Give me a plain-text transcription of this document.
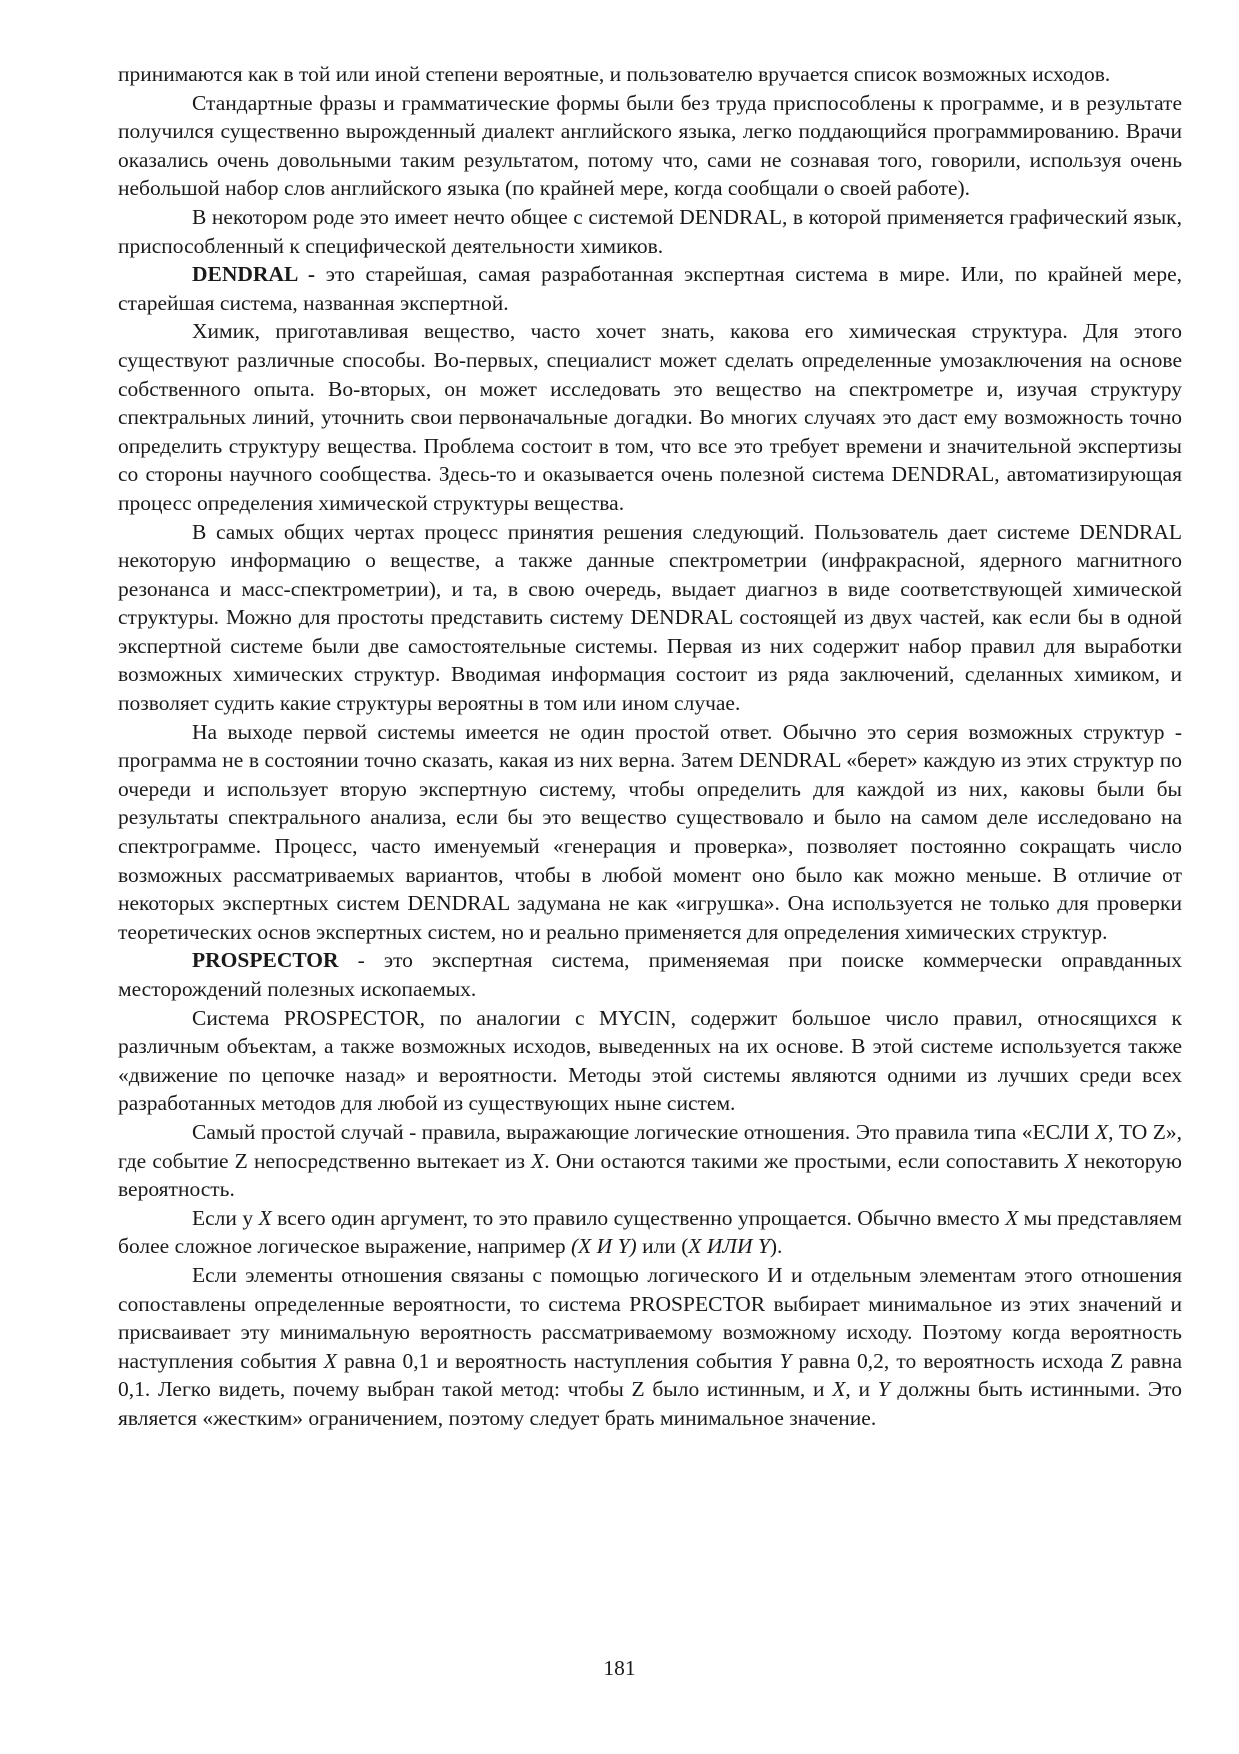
принимаются как в той или иной степени вероятные, и пользователю вручается список возможных исходов.

Стандартные фразы и грамматические формы были без труда приспособлены к программе, и в результате получился существенно вырожденный диалект английского языка, легко поддающийся программированию. Врачи оказались очень довольными таким результатом, потому что, сами не сознавая того, говорили, используя очень небольшой набор слов английского языка (по крайней мере, когда сообщали о своей работе).

В некотором роде это имеет нечто общее с системой DENDRAL, в которой применяется графический язык, приспособленный к специфической деятельности химиков.

DENDRAL - это старейшая, самая разработанная экспертная система в мире. Или, по крайней мере, старейшая система, названная экспертной.

Химик, приготавливая вещество, часто хочет знать, какова его химическая структура. Для этого существуют различные способы. Во-первых, специалист может сделать определенные умозаключения на основе собственного опыта. Во-вторых, он может исследовать это вещество на спектрометре и, изучая структуру спектральных линий, уточнить свои первоначальные догадки. Во многих случаях это даст ему возможность точно определить структуру вещества. Проблема состоит в том, что все это требует времени и значительной экспертизы со стороны научного сообщества. Здесь-то и оказывается очень полезной система DENDRAL, автоматизирующая процесс определения химической структуры вещества.

В самых общих чертах процесс принятия решения следующий. Пользователь дает системе DENDRAL некоторую информацию о веществе, а также данные спектрометрии (инфракрасной, ядерного магнитного резонанса и масс-спектрометрии), и та, в свою очередь, выдает диагноз в виде соответствующей химической структуры. Можно для простоты представить систему DENDRAL состоящей из двух частей, как если бы в одной экспертной системе были две самостоятельные системы. Первая из них содержит набор правил для выработки возможных химических структур. Вводимая информация состоит из ряда заключений, сделанных химиком, и позволяет судить какие структуры вероятны в том или ином случае.

На выходе первой системы имеется не один простой ответ. Обычно это серия возможных структур - программа не в состоянии точно сказать, какая из них верна. Затем DENDRAL «берет» каждую из этих структур по очереди и использует вторую экспертную систему, чтобы определить для каждой из них, каковы были бы результаты спектрального анализа, если бы это вещество существовало и было на самом деле исследовано на спектрограмме. Процесс, часто именуемый «генерация и проверка», позволяет постоянно сокращать число возможных рассматриваемых вариантов, чтобы в любой момент оно было как можно меньше. В отличие от некоторых экспертных систем DENDRAL задумана не как «игрушка». Она используется не только для проверки теоретических основ экспертных систем, но и реально применяется для определения химических структур.

PROSPECTOR - это экспертная система, применяемая при поиске коммерчески оправданных месторождений полезных ископаемых.

Система PROSPECTOR, по аналогии с MYCIN, содержит большое число правил, относящихся к различным объектам, а также возможных исходов, выведенных на их основе. В этой системе используется также «движение по цепочке назад» и вероятности. Методы этой системы являются одними из лучших среди всех разработанных методов для любой из существующих ныне систем.

Самый простой случай - правила, выражающие логические отношения. Это правила типа «ЕСЛИ X, ТО Z», где событие Z непосредственно вытекает из X. Они остаются такими же простыми, если сопоставить X некоторую вероятность.

Если у X всего один аргумент, то это правило существенно упрощается. Обычно вместо X мы представляем более сложное логическое выражение, например (X И Y) или (X ИЛИ Y).

Если элементы отношения связаны с помощью логического И и отдельным элементам этого отношения сопоставлены определенные вероятности, то система PROSPECTOR выбирает минимальное из этих значений и присваивает эту минимальную вероятность рассматриваемому возможному исходу. Поэтому когда вероятность наступления события X равна 0,1 и вероятность наступления события Y равна 0,2, то вероятность исхода Z равна 0,1. Легко видеть, почему выбран такой метод: чтобы Z было истинным, и X, и Y должны быть истинными. Это является «жестким» ограничением, поэтому следует брать минимальное значение.

181
